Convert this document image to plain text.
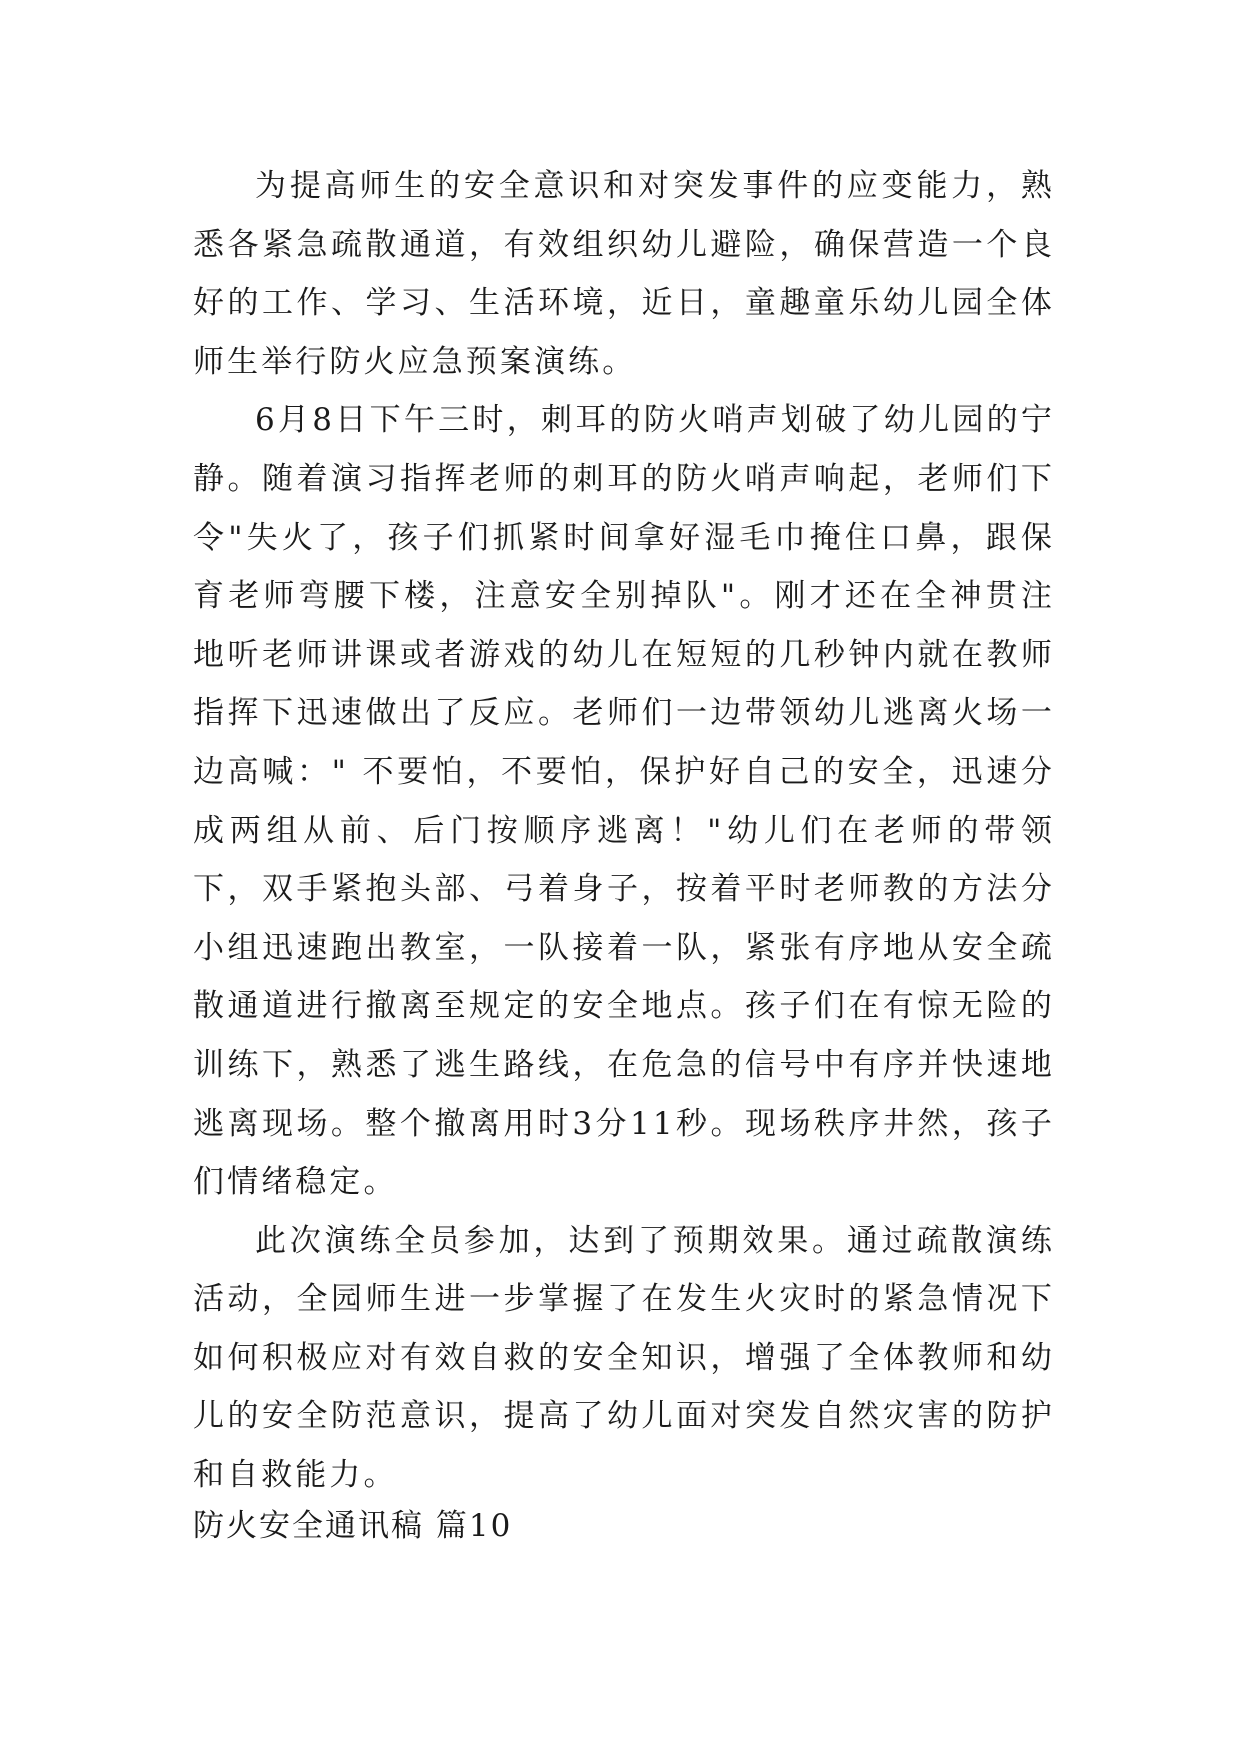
为提高师生的安全意识和对突发事件的应变能力，熟悉各紧急疏散通道，有效组织幼儿避险，确保营造一个良好的工作、学习、生活环境，近日，童趣童乐幼儿园全体师生举行防火应急预案演练。

6月8日下午三时，刺耳的防火哨声划破了幼儿园的宁静。随着演习指挥老师的刺耳的防火哨声响起，老师们下令"失火了，孩子们抓紧时间拿好湿毛巾掩住口鼻，跟保育老师弯腰下楼，注意安全别掉队"。刚才还在全神贯注地听老师讲课或者游戏的幼儿在短短的几秒钟内就在教师指挥下迅速做出了反应。老师们一边带领幼儿逃离火场一边高喊：" 不要怕，不要怕，保护好自己的安全，迅速分成两组从前、后门按顺序逃离！"幼儿们在老师的带领下，双手紧抱头部、弓着身子，按着平时老师教的方法分小组迅速跑出教室，一队接着一队，紧张有序地从安全疏散通道进行撤离至规定的安全地点。孩子们在有惊无险的训练下，熟悉了逃生路线，在危急的信号中有序并快速地逃离现场。整个撤离用时3分11秒。现场秩序井然，孩子们情绪稳定。

此次演练全员参加，达到了预期效果。通过疏散演练活动，全园师生进一步掌握了在发生火灾时的紧急情况下如何积极应对有效自救的安全知识，增强了全体教师和幼儿的安全防范意识，提高了幼儿面对突发自然灾害的防护和自救能力。

防火安全通讯稿 篇10
